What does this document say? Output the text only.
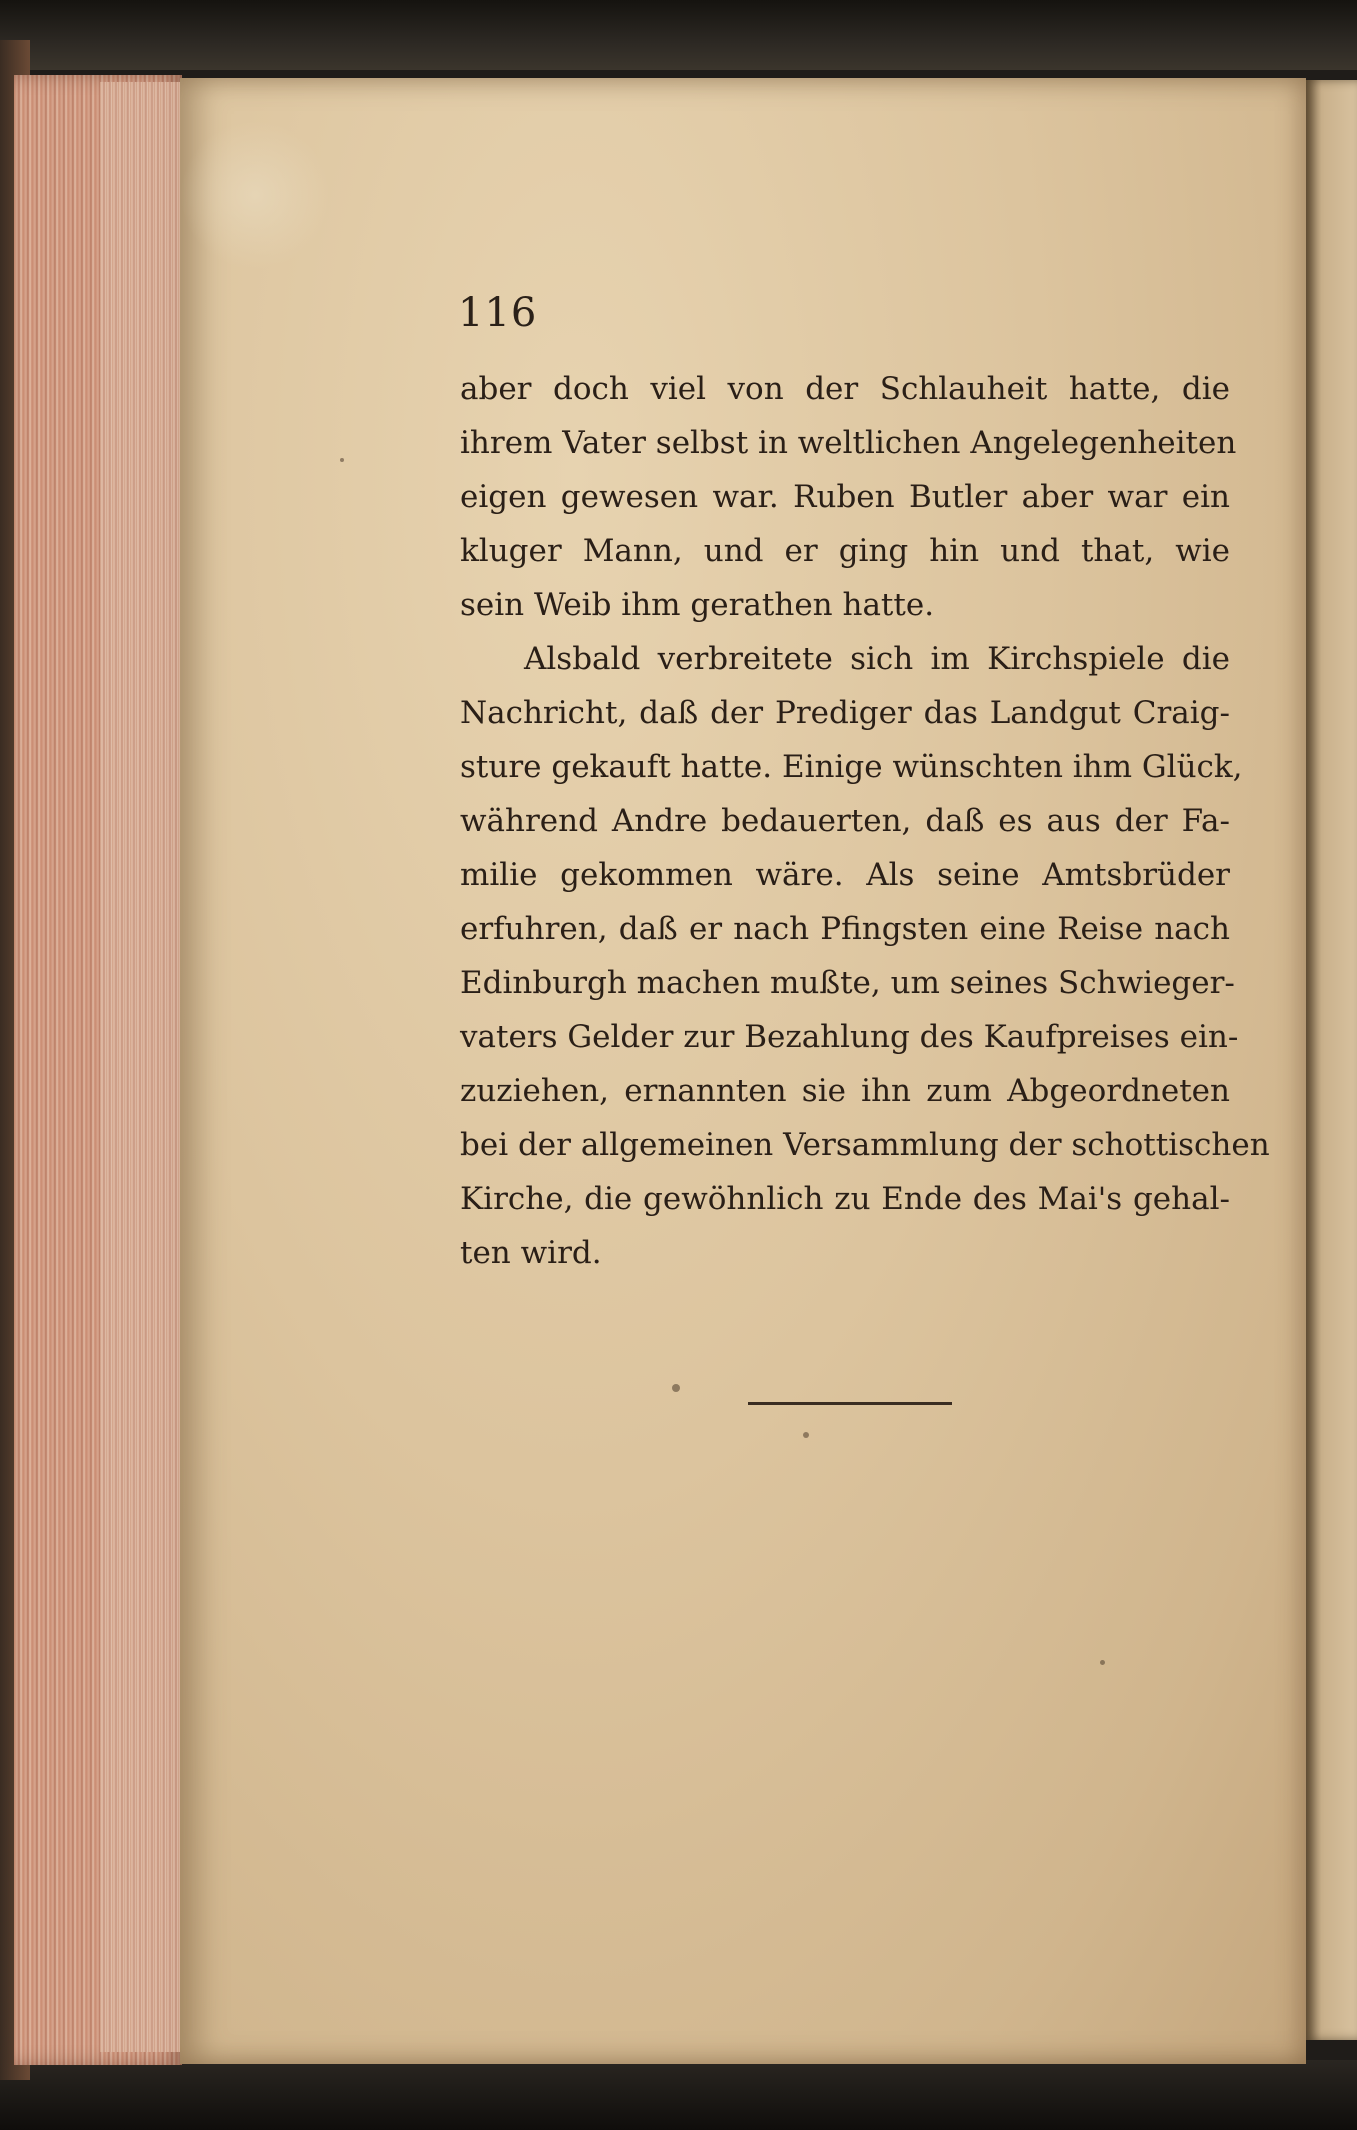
116

aber doch viel von der Schlauheit hatte, die
ihrem Vater selbst in weltlichen Angelegenheiten
eigen gewesen war. Ruben Butler aber war ein
kluger Mann, und er ging hin und that, wie
sein Weib ihm gerathen hatte.
Alsbald verbreitete sich im Kirchspiele die
Nachricht, daß der Prediger das Landgut Craig-
sture gekauft hatte. Einige wünschten ihm Glück,
während Andre bedauerten, daß es aus der Fa-
milie gekommen wäre. Als seine Amtsbrüder
erfuhren, daß er nach Pfingsten eine Reise nach
Edinburgh machen mußte, um seines Schwieger-
vaters Gelder zur Bezahlung des Kaufpreises ein-
zuziehen, ernannten sie ihn zum Abgeordneten
bei der allgemeinen Versammlung der schottischen
Kirche, die gewöhnlich zu Ende des Mai's gehal-
ten wird.
